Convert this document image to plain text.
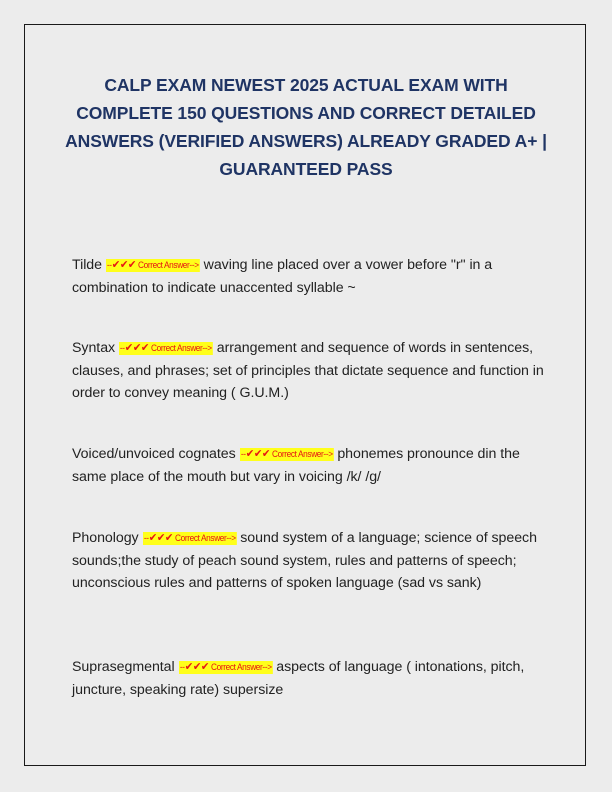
CALP EXAM NEWEST 2025 ACTUAL EXAM WITH COMPLETE 150 QUESTIONS AND CORRECT DETAILED ANSWERS (VERIFIED ANSWERS) ALREADY GRADED A+ | GUARANTEED PASS

Tilde --✔✔✔ Correct Answer--> waving line placed over a vower before "r" in a combination to indicate unaccented syllable ~

Syntax --✔✔✔ Correct Answer--> arrangement and sequence of words in sentences, clauses, and phrases; set of principles that dictate sequence and function in order to convey meaning ( G.U.M.)

Voiced/unvoiced cognates --✔✔✔ Correct Answer--> phonemes pronounce din the same place of the mouth but vary in voicing /k/ /g/

Phonology --✔✔✔ Correct Answer--> sound system of a language; science of speech sounds;the study of peach sound system, rules and patterns of speech; unconscious rules and patterns of spoken language (sad vs sank)

Suprasegmental --✔✔✔ Correct Answer--> aspects of language ( intonations, pitch, juncture, speaking rate) supersize
